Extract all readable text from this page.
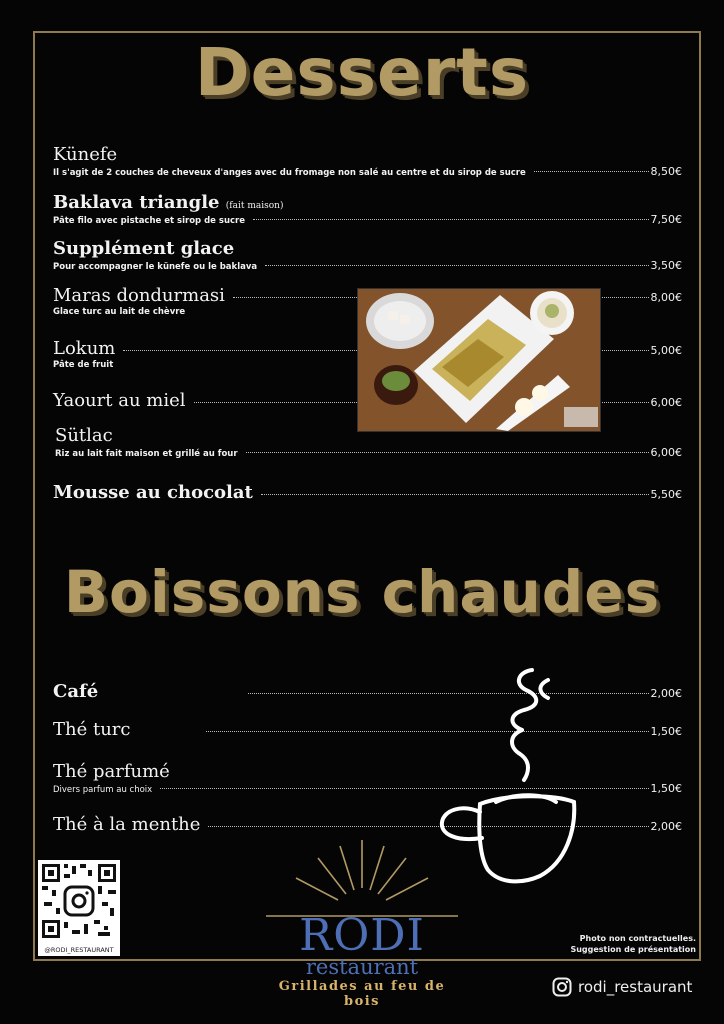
Desserts
Künefe
Il s'agit de 2 couches de cheveux d'anges avec du fromage non salé au centre et du sirop de sucre	8,50€
Baklava triangle (fait maison)
Pâte filo avec pistache et sirop de sucre	7,50€
Supplément glace
Pour accompagner le künefe ou le baklava	3,50€
Maras dondurmasi	8,00€
Glace turc au lait de chèvre
Lokum	5,00€
Pâte de fruit
Yaourt au miel	6,00€
Sütlac
Riz au lait fait maison et grillé au four	6,00€
Mousse au chocolat	5,50€
Boissons chaudes
Café	2,00€
Thé turc	1,50€
Thé parfumé
Divers parfum au choix	1,50€
Thé à la menthe	2,00€
@RODI_RESTAURANT	RODI
restaurant
Grillades au feu de bois
Photo non contractuelles.
Suggestion de présentation
rodi_restaurant
